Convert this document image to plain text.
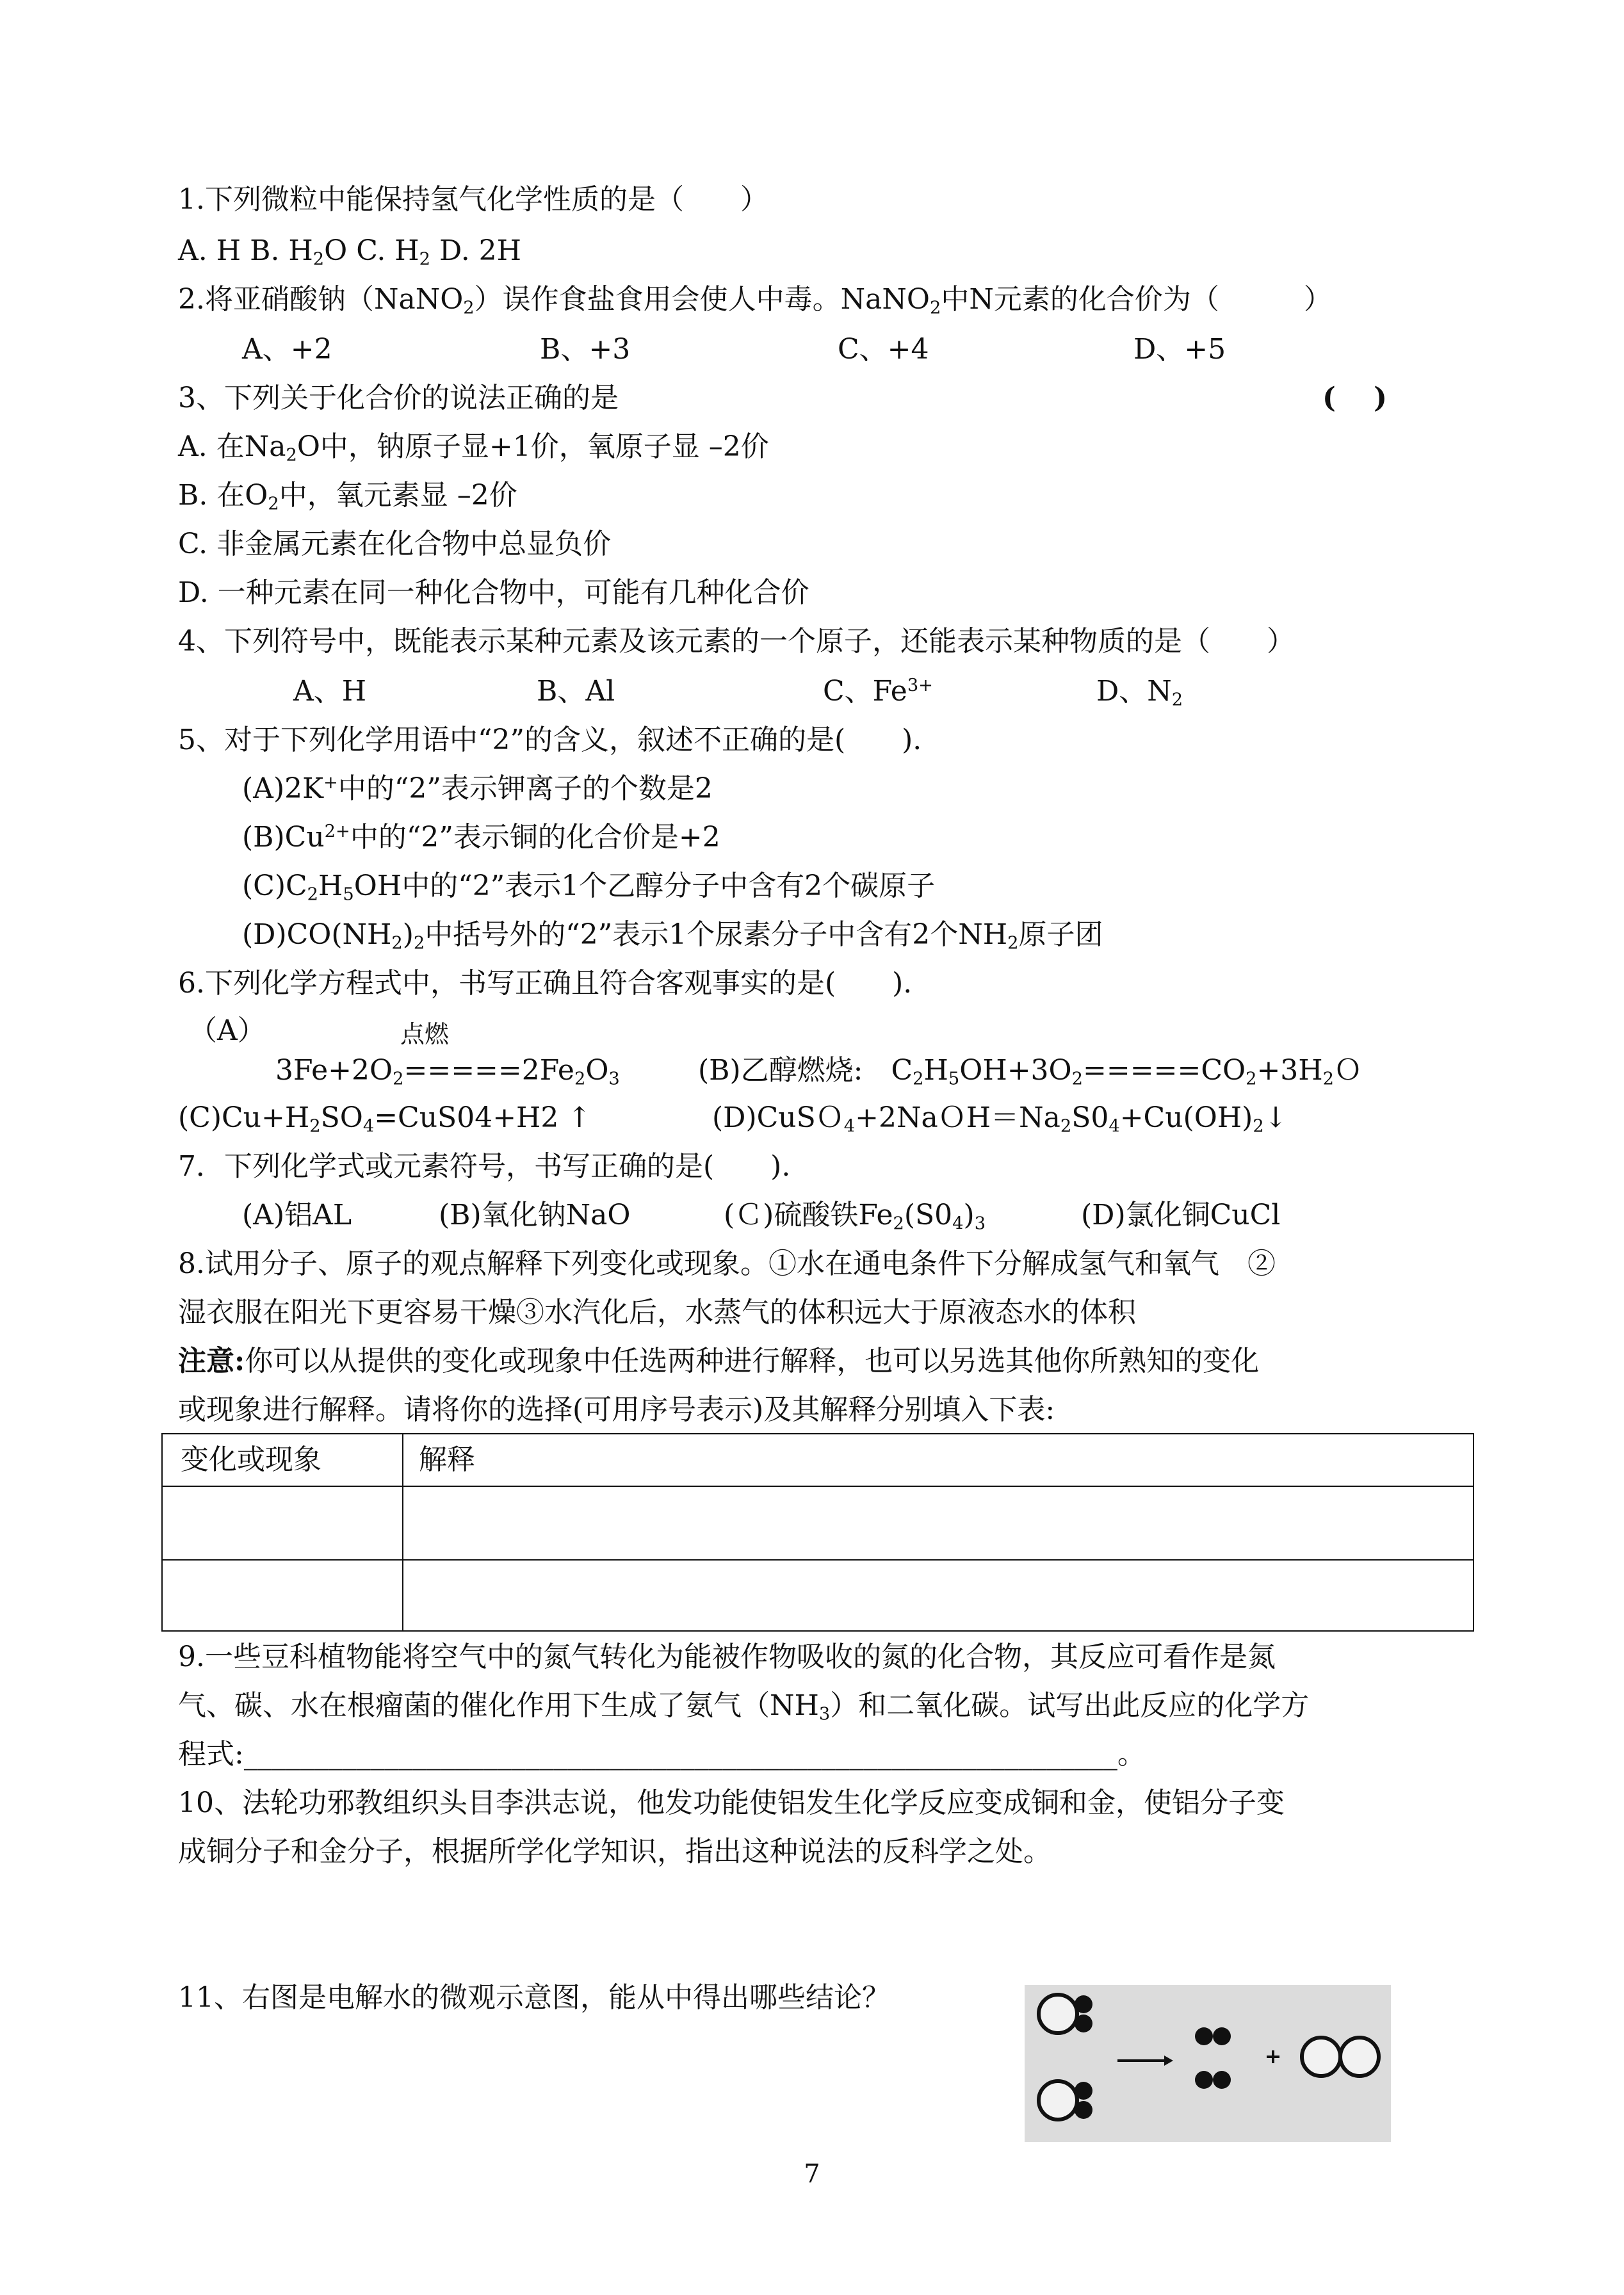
1.下列微粒中能保持氢气化学性质的是（　　）
A. H B. $H_2O$ C. $H_2$ D. 2H
2.将亚硝酸钠（NaNO$_2$）误作食盐食用会使人中毒。NaNO$_2$中N元素的化合价为（　　　）
A、+2	B、+3	C、+4	D、+5
3、下列关于化合价的说法正确的是	(　 )
A. 在$Na_2O$中，钠原子显+1价，氧原子显 –2价
B. 在$O_2$中，氧元素显 –2价
C. 非金属元素在化合物中总显负价
D. 一种元素在同一种化合物中，可能有几种化合价
4、下列符号中，既能表示某种元素及该元素的一个原子，还能表示某种物质的是（　　）
A、H	B、Al	C、$Fe^{3+}$	D、$N_2$
5、对于下列化学用语中“2”的含义，叙述不正确的是(　　).
(A)2K+中的“2”表示钾离子的个数是2
$(B)Cu^{2+}$中的“2”表示铜的化合价是+2
$(C)C_2H_5OH$中的“2”表示1个乙醇分子中含有2个碳原子
$(D)CO(NH_2)_2$中括号外的“2”表示1个尿素分子中含有2个$NH_2$原子团
6.下列化学方程式中，书写正确且符合客观事实的是(　　).
（A）	点燃
$3Fe+2O_2=====2Fe_2O_3$	(B)乙醇燃烧:　$C_2H_5OH+3O_2=====CO_2+3H_2O$
$(C)Cu+H_2SO_4=CuS04+H2$ ↑	$(D)CuSO_4+2NaOH=Na_2S0_4+Cu(OH)_2↓$
7．下列化学式或元素符号，书写正确的是(　　).
(A)铝AL	(B)氧化钠NaO	(Ｃ)硫酸铁$Fe_2(S0_4)_3$	(D)氯化铜CuCl
8.试用分子、原子的观点解释下列变化或现象。①水在通电条件下分解成氢气和氧气　②
湿衣服在阳光下更容易干燥③水汽化后，水蒸气的体积远大于原液态水的体积
注意:你可以从提供的变化或现象中任选两种进行解释，也可以另选其他你所熟知的变化
或现象进行解释。请将你的选择(可用序号表示)及其解释分别填入下表:
变化或现象	解释
9.一些豆科植物能将空气中的氮气转化为能被作物吸收的氮的化合物，其反应可看作是氮
气、碳、水在根瘤菌的催化作用下生成了氨气$(NH_3)$和二氧化碳。试写出此反应的化学方
程式:______________________________________________________________。
10、法轮功邪教组织头目李洪志说，他发功能使铝发生化学反应变成铜和金，使铝分子变
成铜分子和金分子，根据所学化学知识，指出这种说法的反科学之处。
11、右图是电解水的微观示意图，能从中得出哪些结论？
7
